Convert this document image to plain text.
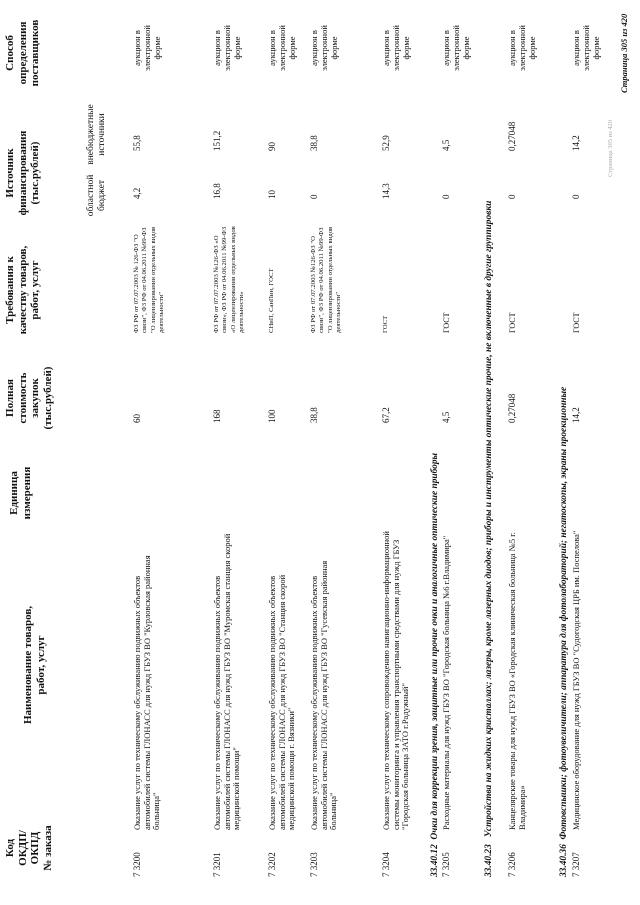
Код ОКДП/ ОКПД № заказа
Наименование товаров, работ, услуг
Единица измерения
Полная стоимость закупок (тыс.рублей)
Требования к качеству товаров, работ, услуг
Источник финансирования (тыс.рублей)	областной бюджет
внебюджетные источники
Способ определения поставщиков
7 3200
Оказание услуг по техническому обслуживанию подвижных объектов автомобилей системы ГЛОНАСС для нужд ГБУЗ ВО "Курловская районная больница"
60
ФЗ РФ от 07.07.2003 № 126-ФЗ "О связи", ФЗ РФ от 04.06.2011 №99-ФЗ "О лицензировании отдельных видов деятельности"
4,2
55,8
аукцион в электронной форме
7 3201
Оказание услуг по техническому обслуживанию подвижных объектов автомобилей системы ГЛОНАСС для нужд ГБУЗ ВО "Муромская станция скорой медицинской помощи"
168
ФЗ РФ от 07.07.2003 №126-ФЗ «О связи», ФЗ РФ от 04.06.2011 №99-ФЗ «О лицензировании отдельных видов деятельности»
16,8
151,2
аукцион в электронной форме
7 3202
Оказание услуг по техническому обслуживанию подвижных объектов автомобилей системы ГЛОНАСС для нужд ГБУЗ ВО "Станция скорой медицинской помощи г. Вязники"
100
СНиП, СанПин, ГОСТ
10
90
аукцион в электронной форме
7 3203
Оказание услуг по техническому обслуживанию подвижных объектов автомобилей системы ГЛОНАСС для нужд ГБУЗ ВО "Гусевская районная больница"
38,8
ФЗ РФ от 07.07.2003 №126-ФЗ "О связи", ФЗ РФ от 04.06.2011 №99-ФЗ "О лицензировании отдельных видов деятельности"
0
38,8
аукцион в электронной форме
7 3204
Оказание услуг по техническому сопровождению навигационно-информационной системы мониторинга и управления транспортными средствами для нужд ГБУЗ "Городская больница ЗАТО г.Радужный"
67,2
ГОСТ
14,3
52,9
аукцион в электронной форме
33.40.12  Очки для коррекции зрения, защитные или прочие очки и аналогичные оптические приборы
7 3205
Расходные материалы для нужд ГБУЗ ВО "Городская больница №6 г.Владимира"
4,5
ГОСТ
0
4,5
аукцион в электронной форме
33.40.23   Устройства на жидких кристаллах; лазеры, кроме лазерных диодов; приборы и инструменты оптические прочие, не включенные в другие группировки
7 3206
Канцелярские товары для нужд ГБУЗ ВО «Городская клиническая больница №5 г. Владимира»
0,27048
ГОСТ
0
0,27048
аукцион в электронной форме
33.40.36  Фотовспышки; фотоувеличители; аппаратура для фотолабораторий; негатоскопы, экраны проекционные
7 3207
Медицинское оборудование для нужд ГБУЗ ВО "Судогодская ЦРБ им. Поспелова"
14,2
ГОСТ
0
14,2
аукцион в электронной форме
Страница 305 из 420
Страница 305 из 420
